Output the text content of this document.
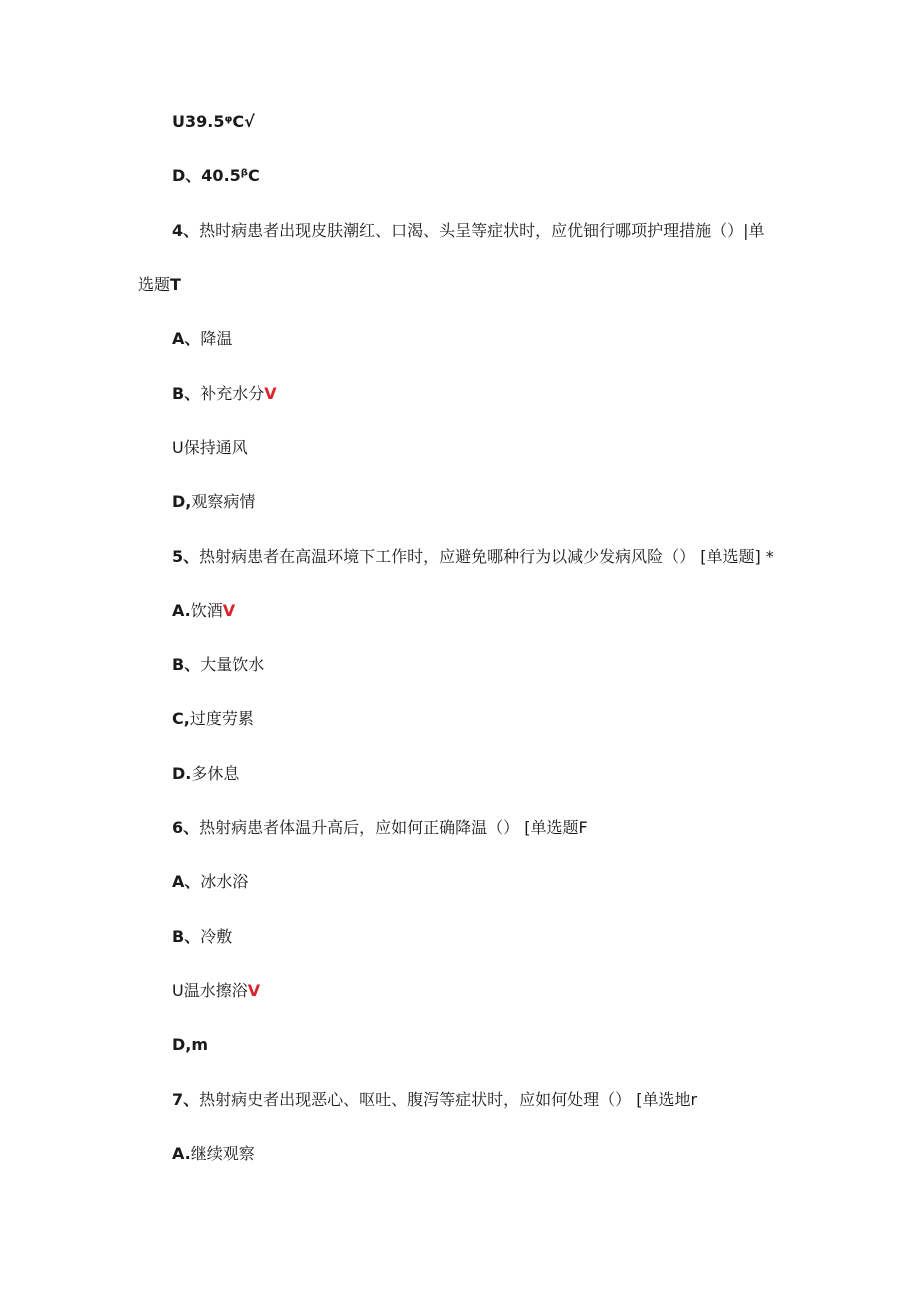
U39.5ᵠC√
D、40.5ᵝC
4、热时病患者出现皮肤潮红、口渴、头呈等症状时，应优钿行哪项护理措施（）|单
选题T
A、降温
B、补充水分V
U保持通风
D,观察病情
5、热射病患者在高温环境下工作时，应避免哪种行为以减少发病风险（） [单选题] *
A.饮酒V
B、大量饮水
C,过度劳累
D.多休息
6、热射病患者体温升高后，应如何正确降温（） [单选题F
A、冰水浴
B、冷敷
U温水擦浴V
D,m
7、热射病史者出现恶心、呕吐、腹泻等症状时，应如何处理（） [单选地r
A.继续观察
